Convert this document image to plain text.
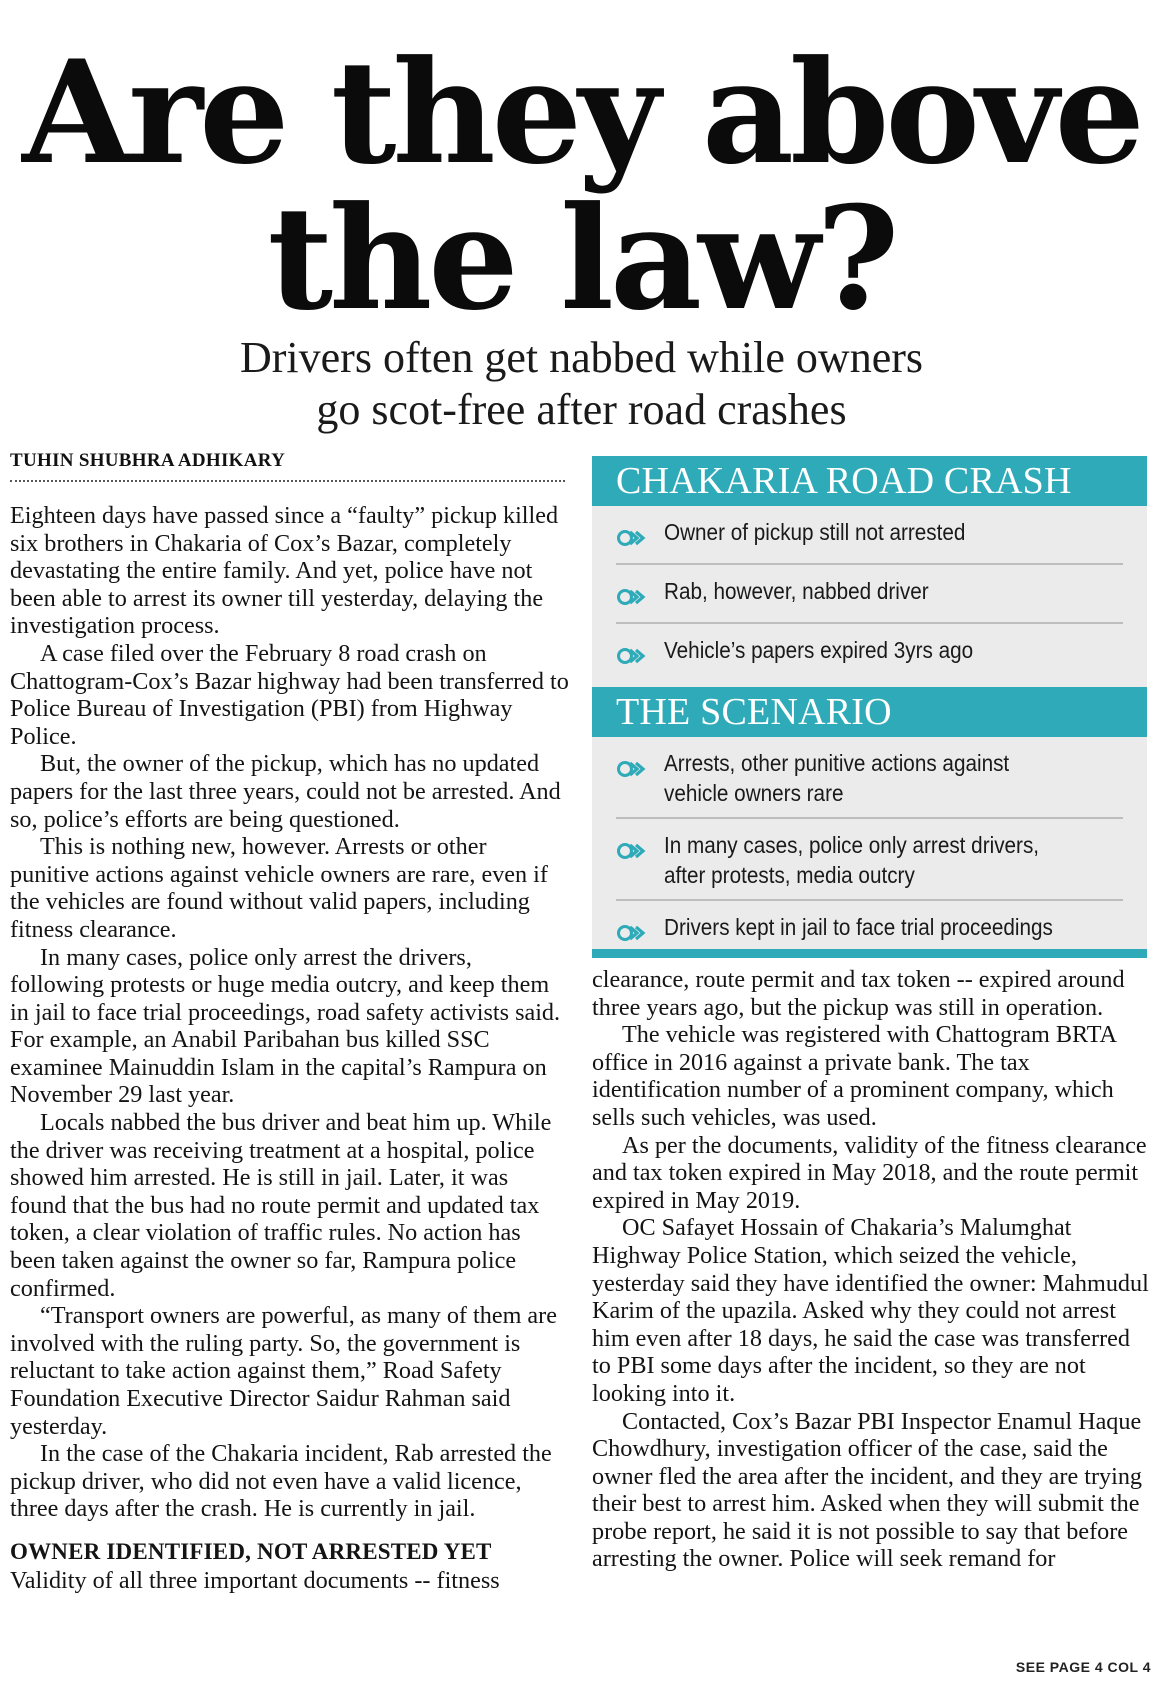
Are they above
the law?
Drivers often get nabbed while owners
go scot-free after road crashes
TUHIN SHUBHRA ADHIKARY

Eighteen days have passed since a “faulty” pickup killed six brothers in Chakaria of Cox’s Bazar, completely devastating the entire family. And yet, police have not been able to arrest its owner till yesterday, delaying the investigation process.

A case filed over the February 8 road crash on Chattogram-Cox’s Bazar highway had been transferred to Police Bureau of Investigation (PBI) from Highway Police.

But, the owner of the pickup, which has no updated papers for the last three years, could not be arrested. And so, police’s efforts are being questioned.

This is nothing new, however. Arrests or other punitive actions against vehicle owners are rare, even if the vehicles are found without valid papers, including fitness clearance.

In many cases, police only arrest the drivers, following protests or huge media outcry, and keep them in jail to face trial proceedings, road safety activists said. For example, an Anabil Paribahan bus killed SSC examinee Mainuddin Islam in the capital’s Rampura on November 29 last year.

Locals nabbed the bus driver and beat him up. While the driver was receiving treatment at a hospital, police showed him arrested. He is still in jail. Later, it was found that the bus had no route permit and updated tax token, a clear violation of traffic rules. No action has been taken against the owner so far, Rampura police confirmed.

“Transport owners are powerful, as many of them are involved with the ruling party. So, the government is reluctant to take action against them,” Road Safety Foundation Executive Director Saidur Rahman said yesterday.

In the case of the Chakaria incident, Rab arrested the pickup driver, who did not even have a valid licence, three days after the crash. He is currently in jail.

OWNER IDENTIFIED, NOT ARRESTED YET

Validity of all three important documents -- fitness

CHAKARIA ROAD CRASH
Owner of pickup still not arrested
Rab, however, nabbed driver
Vehicle’s papers expired 3yrs ago
THE SCENARIO
Arrests, other punitive actions against vehicle owners rare
In many cases, police only arrest drivers, after protests, media outcry
Drivers kept in jail to face trial proceedings

clearance, route permit and tax token -- expired around three years ago, but the pickup was still in operation.

The vehicle was registered with Chattogram BRTA office in 2016 against a private bank. The tax identification number of a prominent company, which sells such vehicles, was used.

As per the documents, validity of the fitness clearance and tax token expired in May 2018, and the route permit expired in May 2019.

OC Safayet Hossain of Chakaria’s Malumghat Highway Police Station, which seized the vehicle, yesterday said they have identified the owner: Mahmudul Karim of the upazila. Asked why they could not arrest him even after 18 days, he said the case was transferred to PBI some days after the incident, so they are not looking into it.

Contacted, Cox’s Bazar PBI Inspector Enamul Haque Chowdhury, investigation officer of the case, said the owner fled the area after the incident, and they are trying their best to arrest him. Asked when they will submit the probe report, he said it is not possible to say that before arresting the owner. Police will seek remand for

SEE PAGE 4 COL 4
